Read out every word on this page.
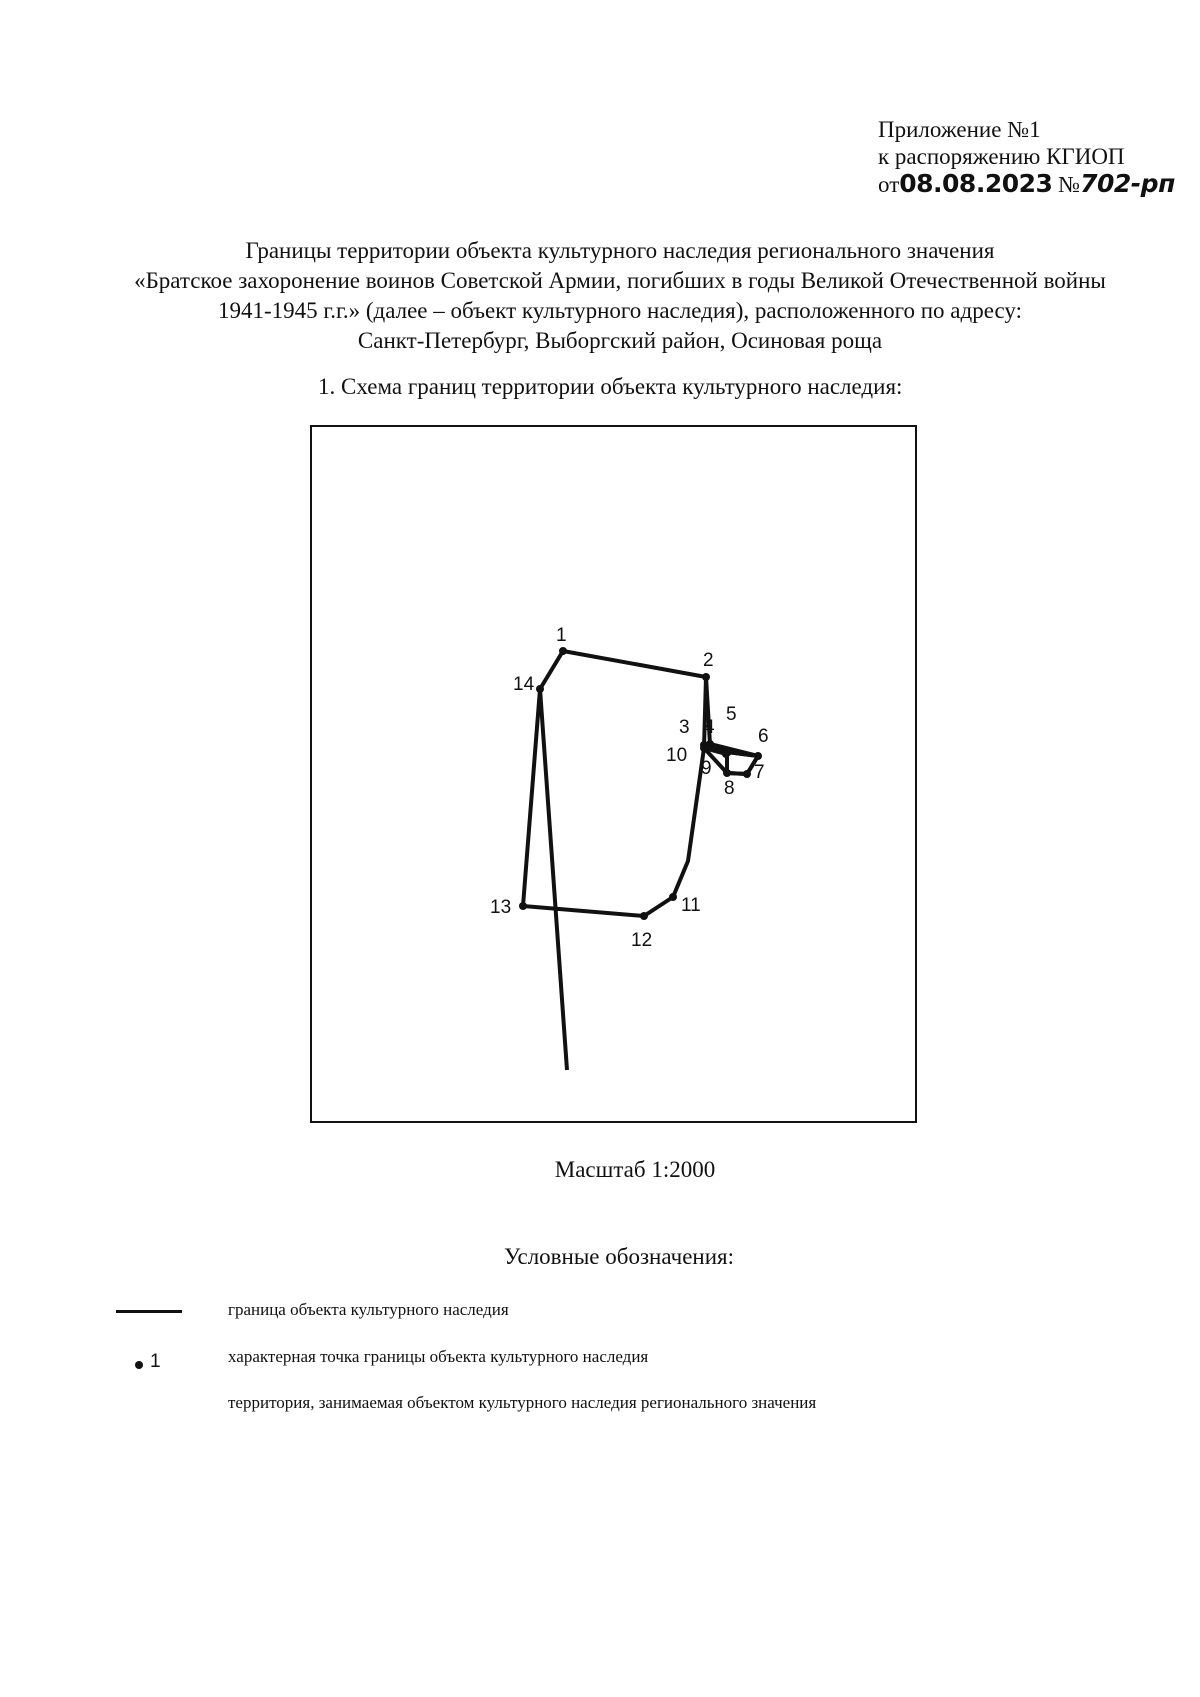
Приложение №1
к распоряжению КГИОП
от08.08.2023 №702-рп
Границы территории объекта культурного наследия регионального значения
«Братское захоронение воинов Советской Армии, погибших в годы Великой Отечественной войны
1941-1945 г.г.» (далее – объект культурного наследия), расположенного по адресу:
Санкт-Петербург, Выборгский район, Осиновая роща
1. Схема границ территории объекта культурного наследия:
1
2
3 4
5
6
7
8
9
10
11
12
13
14
Масштаб 1:2000
Условные обозначения:
граница объекта культурного наследия
1	характерная точка границы объекта культурного наследия
территория, занимаемая объектом культурного наследия регионального значения
